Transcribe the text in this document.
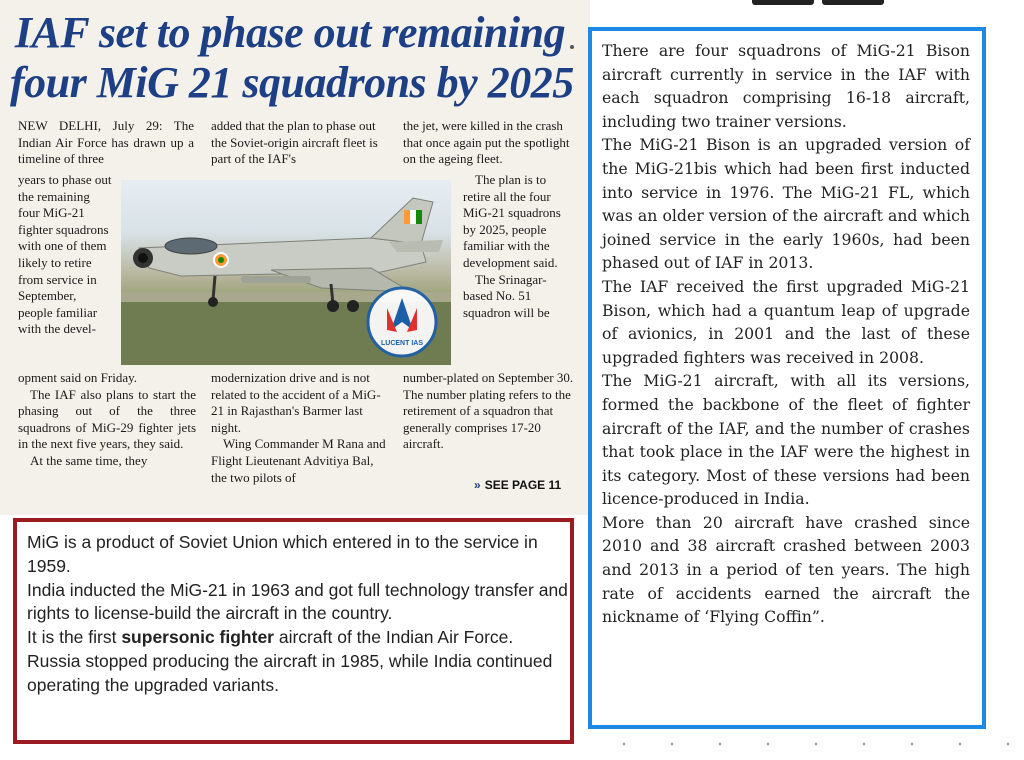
IAF set to phase out remaining
four MiG 21 squadrons by 2025

NEW DELHI, July 29: The Indian Air Force has drawn up a timeline of three

years to phase out the remaining four MiG-21 fighter squadrons with one of them likely to retire from service in September, people familiar with the devel-

opment said on Friday.

The IAF also plans to start the phasing out of the three squadrons of MiG-29 fighter jets in the next five years, they said.

At the same time, they

added that the plan to phase out the Soviet-origin aircraft fleet is part of the IAF's

modernization drive and is not related to the accident of a MiG-21 in Rajasthan's Barmer last night.

Wing Commander M Rana and Flight Lieutenant Advitiya Bal, the two pilots of

the jet, were killed in the crash that once again put the spotlight on the ageing fleet.

The plan is to retire all the four MiG-21 squadrons by 2025, people familiar with the development said.

The Srinagar-based No. 51 squadron will be

number-plated on September 30. The number plating refers to the retirement of a squadron that generally comprises 17-20 aircraft.

LUCENT IAS
» SEE PAGE 11

MiG is a product of Soviet Union which entered in to the service in 1959.

India inducted the MiG-21 in 1963 and got full technology transfer and rights to license-build the aircraft in the country.

It is the first supersonic fighter aircraft of the Indian Air Force.

Russia stopped producing the aircraft in 1985, while India continued operating the upgraded variants.

There are four squadrons of MiG-21 Bison aircraft currently in service in the IAF with each squadron comprising 16-18 aircraft, including two trainer versions.

The MiG-21 Bison is an upgraded version of the MiG-21bis which had been first inducted into service in 1976. The MiG-21 FL, which was an older version of the aircraft and which joined service in the early 1960s, had been phased out of IAF in 2013.

The IAF received the first upgraded MiG-21 Bison, which had a quantum leap of upgrade of avionics, in 2001 and the last of these upgraded fighters was received in 2008.

The MiG-21 aircraft, with all its versions, formed the backbone of the fleet of fighter aircraft of the IAF, and the number of crashes that took place in the IAF were the highest in its category. Most of these versions had been licence-produced in India.

More than 20 aircraft have crashed since 2010 and 38 aircraft crashed between 2003 and 2013 in a period of ten years. The high rate of accidents earned the aircraft the nickname of ‘Flying Coffin”.
